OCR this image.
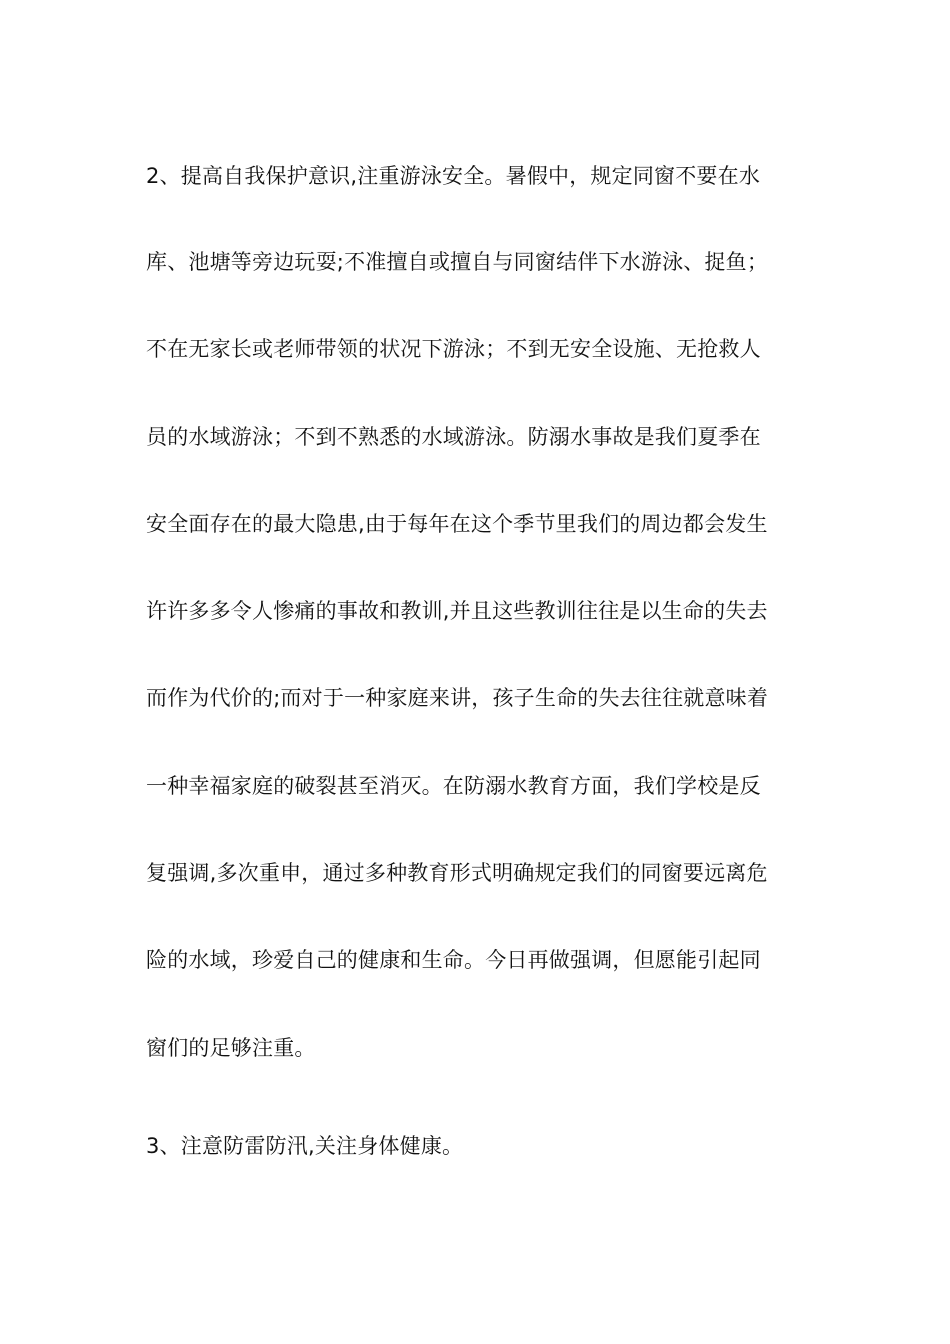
2、提高自我保护意识,注重游泳安全。暑假中，规定同窗不要在水
库、池塘等旁边玩耍;不准擅自或擅自与同窗结伴下水游泳、捉鱼；
不在无家长或老师带领的状况下游泳；不到无安全设施、无抢救人
员的水域游泳；不到不熟悉的水域游泳。防溺水事故是我们夏季在
安全面存在的最大隐患,由于每年在这个季节里我们的周边都会发生
许许多多令人惨痛的事故和教训,并且这些教训往往是以生命的失去
而作为代价的;而对于一种家庭来讲，孩子生命的失去往往就意味着
一种幸福家庭的破裂甚至消灭。在防溺水教育方面，我们学校是反
复强调,多次重申，通过多种教育形式明确规定我们的同窗要远离危
险的水域，珍爱自己的健康和生命。今日再做强调，但愿能引起同
窗们的足够注重。
3、注意防雷防汛,关注身体健康。
